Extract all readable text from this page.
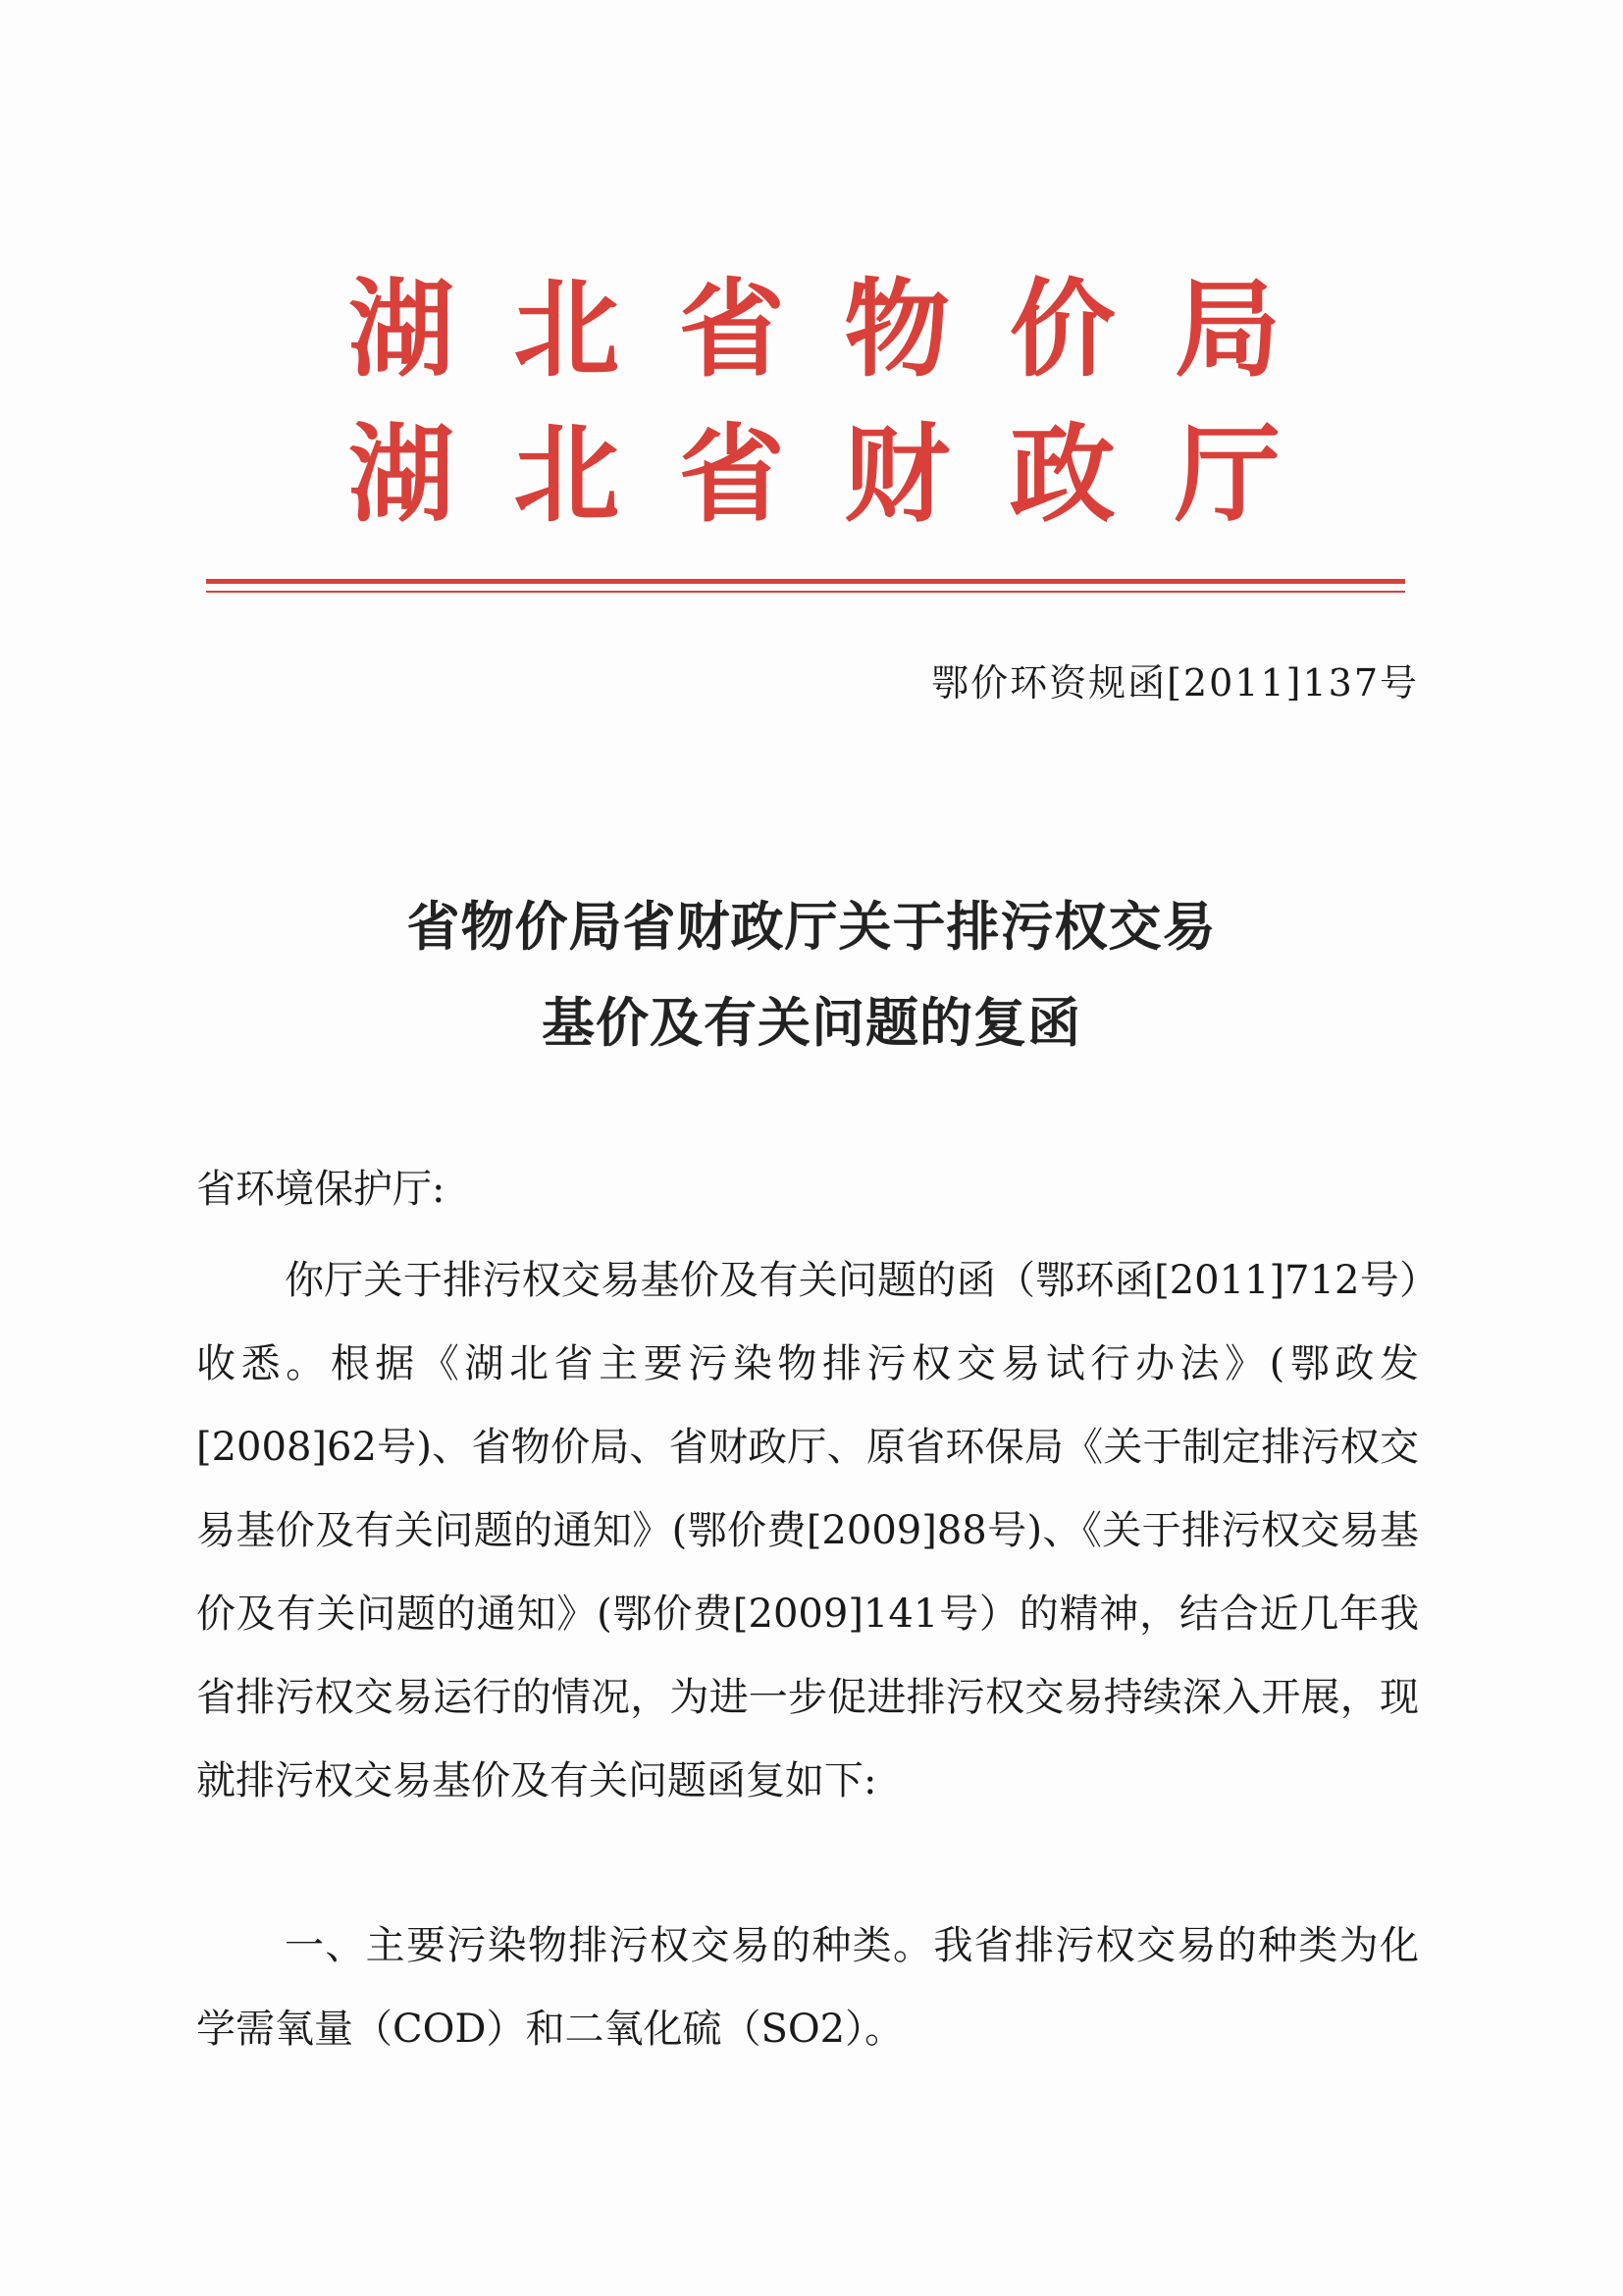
湖 北 省 物 价 局
湖 北 省 财 政 厅
鄂价环资规函[2011]137号
省物价局省财政厅关于排污权交易
基价及有关问题的复函
省环境保护厅:
你厅关于排污权交易基价及有关问题的函（鄂环函[2011]712号）收悉。根据《湖北省主要污染物排污权交易试行办法》(鄂政发[2008]62号)、省物价局、省财政厅、原省环保局《关于制定排污权交易基价及有关问题的通知》(鄂价费[2009]88号)、《关于排污权交易基价及有关问题的通知》(鄂价费[2009]141号）的精神，结合近几年我省排污权交易运行的情况，为进一步促进排污权交易持续深入开展，现就排污权交易基价及有关问题函复如下:
一、主要污染物排污权交易的种类。我省排污权交易的种类为化学需氧量（COD）和二氧化硫（SO2）。
